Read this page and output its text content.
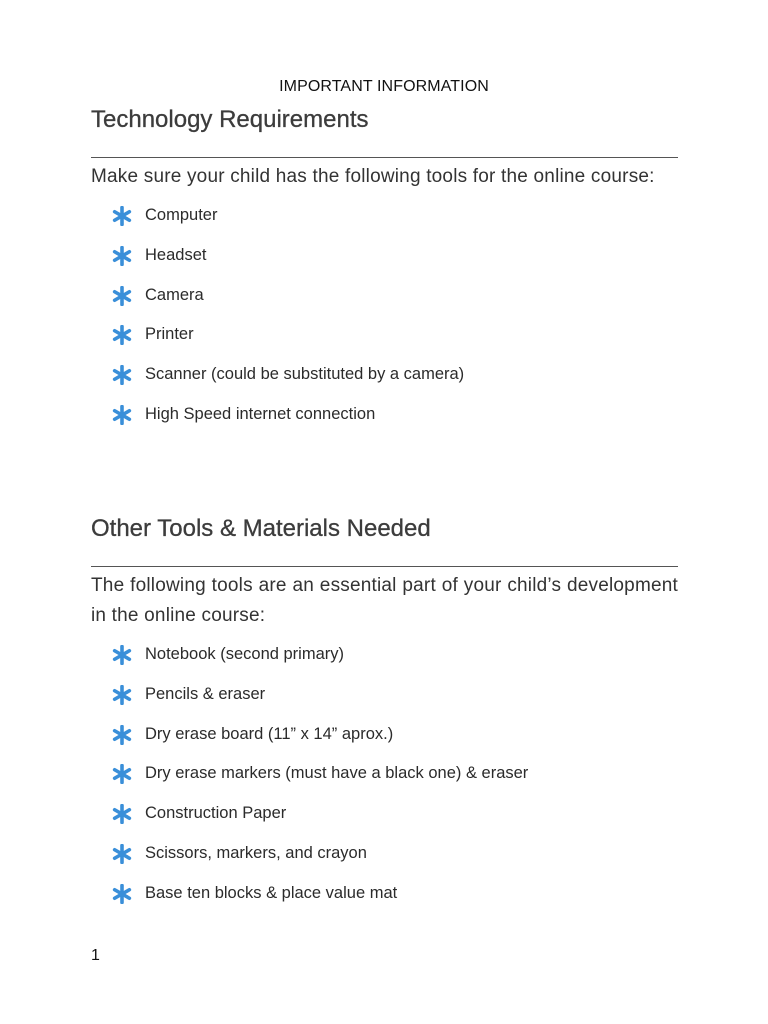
IMPORTANT INFORMATION
Technology Requirements
Make sure your child has the following tools for the online course:
Computer
Headset
Camera
Printer
Scanner (could be substituted by a camera)
High Speed internet connection
Other Tools & Materials Needed
The following tools are an essential part of your child’s development in the online course:
Notebook (second primary)
Pencils & eraser
Dry erase board (11” x 14” aprox.)
Dry erase markers (must have a black one) & eraser
Construction Paper
Scissors, markers, and crayon
Base ten blocks & place value mat
1
